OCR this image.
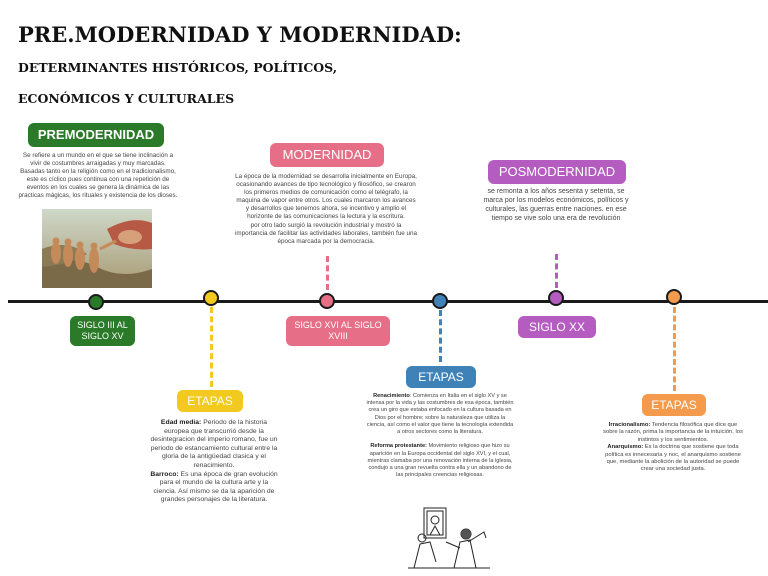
PRE.MODERNIDAD Y MODERNIDAD:
DETERMINANTES HISTÓRICOS, POLÍTICOS, ECONÓMICOS Y CULTURALES
PREMODERNIDAD
Se refiere a un mundo en el que se tiene inclinación a vivir de costumbres arraigadas y muy marcadas. Basadas tanto en la religión como en el tradicionalismo, este es cíclico pues continua con una repetición de eventos en los cuales se genera la dinámica de las practicas mágicas, los rituales y existencia de los dioses.
SIGLO III AL SIGLO XV
MODERNIDAD
La época de la modernidad se desarrolla inicialmente en Europa, ocasionando avances de tipo tecnológico y filosófico, se crearon los primeros medios de comunicación como el telégrafo, la maquina de vapor entre otros. Los cuales marcaron los avances y desarrollos que tenemos ahora, se incentivo y amplio el horizonte de las comunicaciones la lectura y la escritura.
por otro lado surgió la revolución industrial y mostró la importancia de facilitar las actividades laborales, también fue una época marcada por la democracia.
SIGLO XVI AL SIGLO XVIII
POSMODERNIDAD
se remonta a los años sesenta y setenta, se marca por los modelos económicos, políticos y culturales, las guerras entre naciones. en ese tiempo se vive solo una era de revolución
SIGLO XX
ETAPAS
Edad media: Periodo de la historia europea que transcurrió desde la desintegracion del imperio romano, fue un periodo de estancamiento cultural entre la gloria de la antigüedad clasica y el renacimiento.
Barroco: Es una época de gran evolución para el mundo de la cultura arte y la ciencia. Así mismo se da la aparición de grandes personajes de la literatura.
ETAPAS
Renacimiento: Comienza en Italia en el siglo XV y se intensa por la vida y las costumbres de esa época, también crea un giro que estaba enfocado en la cultura basada en Dios por el hombre; sobre la naturaleza que utiliza la ciencia, así como el valor que tiene la tecnología extendida a otros sectores como la literatura.

Reforma protestante: Movimiento religioso que hizo su aparición en la Europa occidental del siglo XVI, y el cual, mientras clamaba por una renovación interna de la iglesia, condujo a una gran revuelta contra ella y un abandono de las principales creencias religiosas.
ETAPAS
Irracionalismo: Tendencia filosófica que dice que sobre la razón, prima la importancia de la intuición, los instintos y los sentimientos.
Anarquismo: Es la doctrina que sostiene que toda política es innecesaria y noc, el anarquismo sostiene que, mediante la abolición de la autoridad se puede crear una sociedad justa.
